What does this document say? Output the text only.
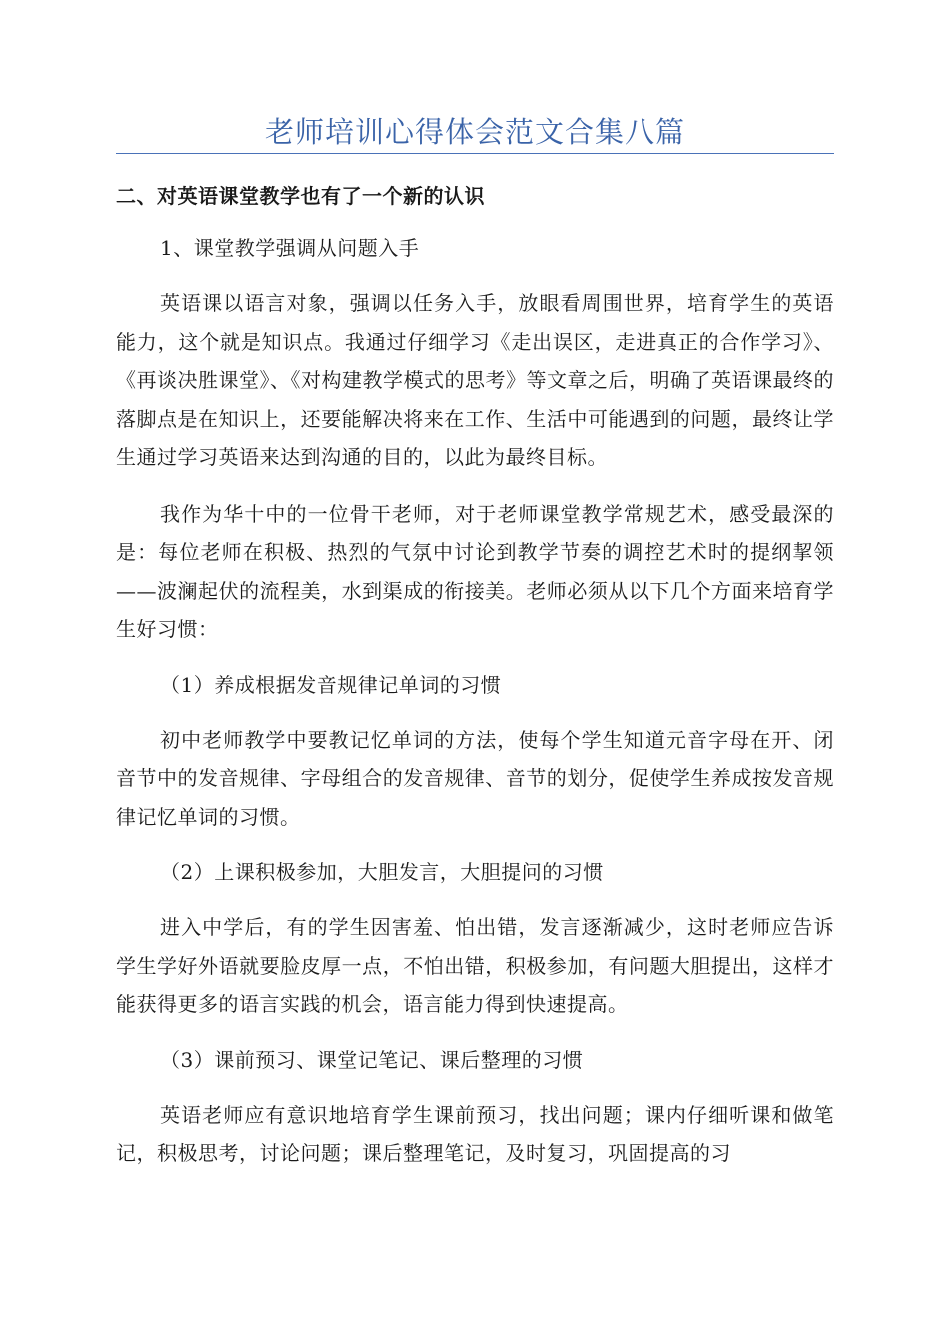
老师培训心得体会范文合集八篇

二、对英语课堂教学也有了一个新的认识

1、课堂教学强调从问题入手

英语课以语言对象，强调以任务入手，放眼看周围世界，培育学生的英语能力，这个就是知识点。我通过仔细学习《走出误区，走进真正的合作学习》、《再谈决胜课堂》、《对构建教学模式的思考》等文章之后，明确了英语课最终的落脚点是在知识上，还要能解决将来在工作、生活中可能遇到的问题，最终让学生通过学习英语来达到沟通的目的，以此为最终目标。

我作为华十中的一位骨干老师，对于老师课堂教学常规艺术，感受最深的是：每位老师在积极、热烈的气氛中讨论到教学节奏的调控艺术时的提纲挈领——波澜起伏的流程美，水到渠成的衔接美。老师必须从以下几个方面来培育学生好习惯：

（1）养成根据发音规律记单词的习惯

初中老师教学中要教记忆单词的方法，使每个学生知道元音字母在开、闭音节中的发音规律、字母组合的发音规律、音节的划分，促使学生养成按发音规律记忆单词的习惯。

（2）上课积极参加，大胆发言，大胆提问的习惯

进入中学后，有的学生因害羞、怕出错，发言逐渐减少，这时老师应告诉学生学好外语就要脸皮厚一点，不怕出错，积极参加，有问题大胆提出，这样才能获得更多的语言实践的机会，语言能力得到快速提高。

（3）课前预习、课堂记笔记、课后整理的习惯

英语老师应有意识地培育学生课前预习，找出问题；课内仔细听课和做笔记，积极思考，讨论问题；课后整理笔记，及时复习，巩固提高的习
